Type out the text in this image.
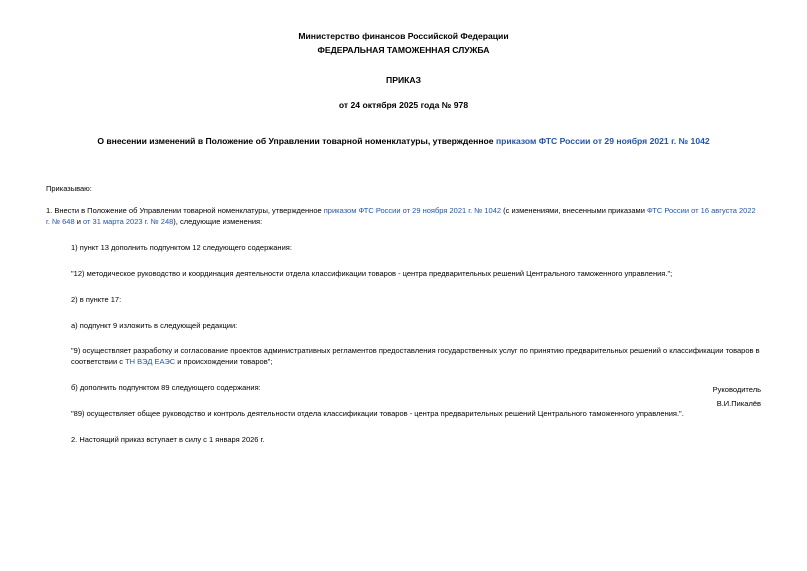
Министерство финансов Российской Федерации
ФЕДЕРАЛЬНАЯ ТАМОЖЕННАЯ СЛУЖБА
ПРИКАЗ
от 24 октября 2025 года № 978
О внесении изменений в Положение об Управлении товарной номенклатуры, утвержденное приказом ФТС России от 29 ноября 2021 г. № 1042

Приказываю:

1. Внести в Положение об Управлении товарной номенклатуры, утвержденное приказом ФТС России от 29 ноября 2021 г. № 1042 (с изменениями, внесенными приказами ФТС России от 16 августа 2022 г. № 648 и от 31 марта 2023 г. № 248), следующие изменения:

1) пункт 13 дополнить подпунктом 12 следующего содержания:

"12) методическое руководство и координация деятельности отдела классификации товаров - центра предварительных решений Центрального таможенного управления.";

2) в пункте 17:

а) подпункт 9 изложить в следующей редакции:

"9) осуществляет разработку и согласование проектов административных регламентов предоставления государственных услуг по принятию предварительных решений о классификации товаров в соответствии с ТН ВЭД ЕАЭС и происхождении товаров";

б) дополнить подпунктом 89 следующего содержания:

"89) осуществляет общее руководство и контроль деятельности отдела классификации товаров - центра предварительных решений Центрального таможенного управления.".

2. Настоящий приказ вступает в силу с 1 января 2026 г.

Руководитель
В.И.Пикалёв
